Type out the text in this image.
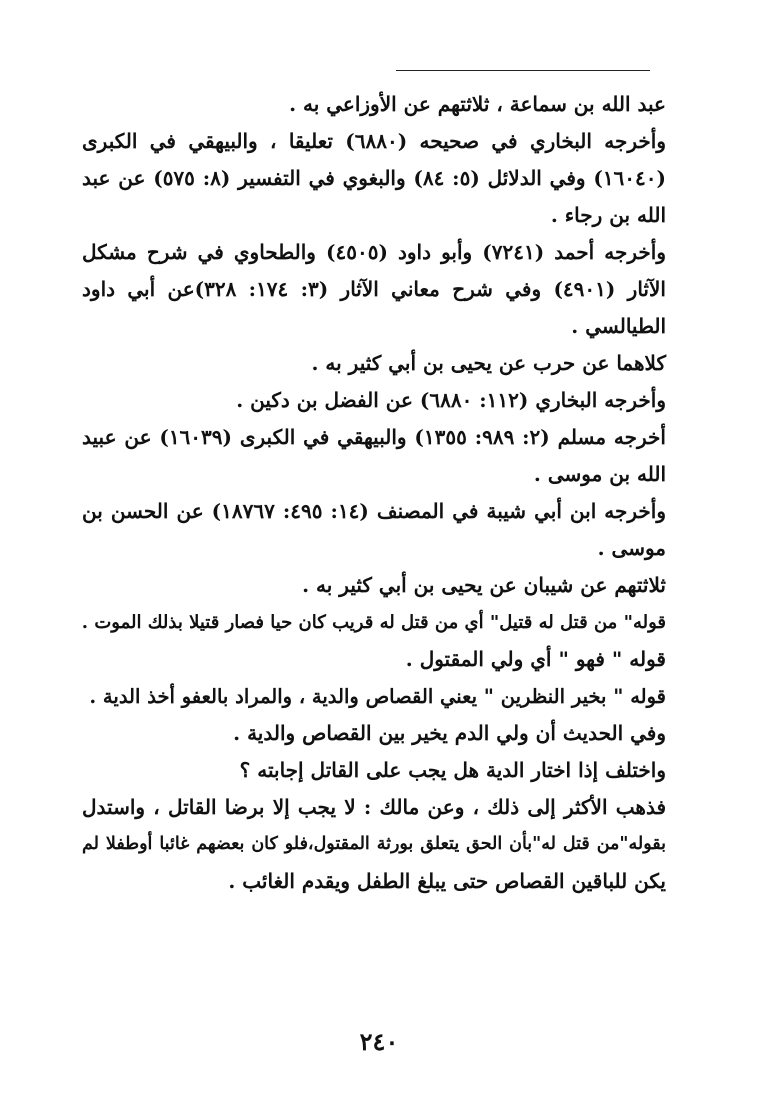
عبد الله بن سماعة ، ثلاثتهم عن الأوزاعي به .
وأخرجه البخاري في صحيحه (٦٨٨٠) تعليقا ، والبيهقي في الكبرى
(١٦٠٤٠) وفي الدلائل (٥: ٨٤) والبغوي في التفسير (٨: ٥٧٥) عن عبد
الله بن رجاء .
وأخرجه أحمد (٧٢٤١) وأبو داود (٤٥٠٥) والطحاوي في شرح مشكل
الآثار (٤٩٠١) وفي شرح معاني الآثار (٣: ١٧٤: ٣٢٨)عن أبي داود
الطيالسي .
كلاهما عن حرب عن يحيى بن أبي كثير به .
وأخرجه البخاري (١١٢: ٦٨٨٠) عن الفضل بن دكين .
أخرجه مسلم (٢: ٩٨٩: ١٣٥٥) والبيهقي في الكبرى (١٦٠٣٩) عن عبيد
الله بن موسى .
وأخرجه ابن أبي شيبة في المصنف (١٤: ٤٩٥: ١٨٧٦٧) عن الحسن بن
موسى .
ثلاثتهم عن شيبان عن يحيى بن أبي كثير به .
قوله" من قتل له قتيل" أي من قتل له قريب كان حيا فصار قتيلا بذلك الموت .
قوله " فهو " أي ولي المقتول .
قوله " بخير النظرين " يعني القصاص والدية ، والمراد بالعفو أخذ الدية .
وفي الحديث أن ولي الدم يخير بين القصاص والدية .
واختلف إذا اختار الدية هل يجب على القاتل إجابته ؟
فذهب الأكثر إلى ذلك ، وعن مالك : لا يجب إلا برضا القاتل ، واستدل
بقوله"من قتل له"بأن الحق يتعلق بورثة المقتول،فلو كان بعضهم غائبا أوطفلا لم
يكن للباقين القصاص حتى يبلغ الطفل ويقدم الغائب .
٢٤٠
